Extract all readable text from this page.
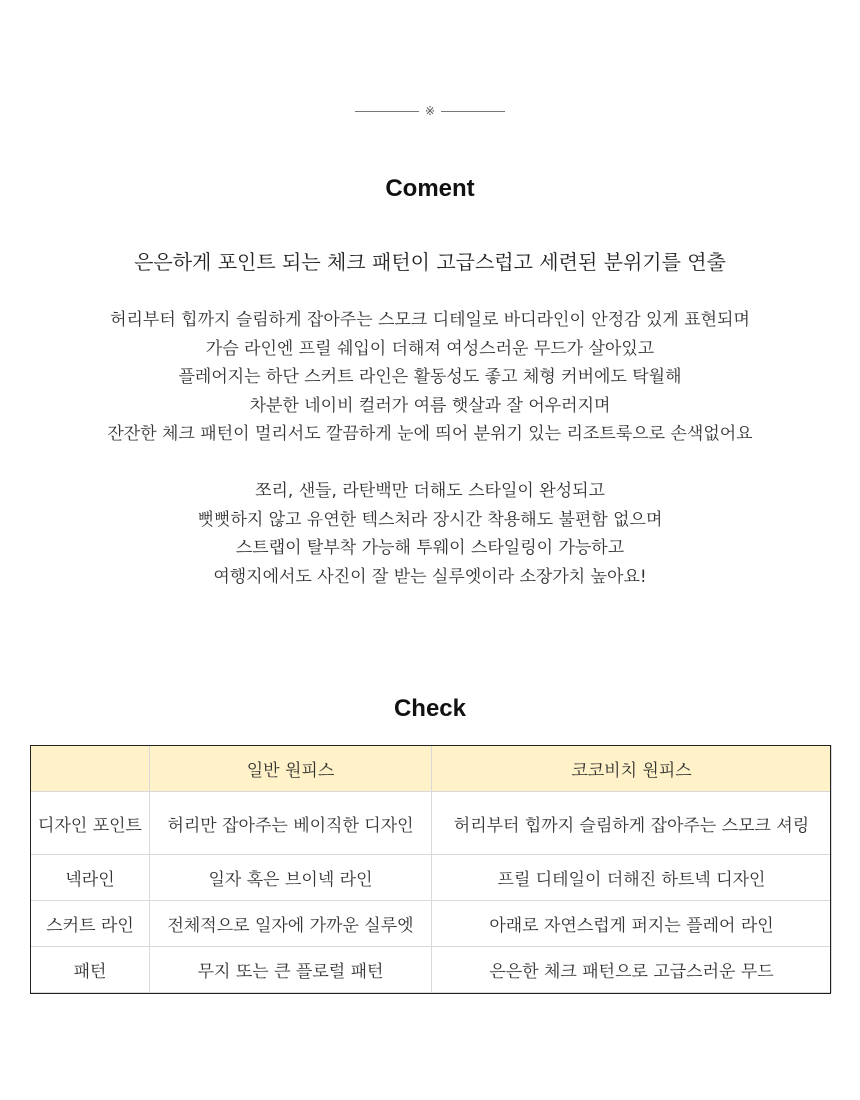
※
Coment

은은하게 포인트 되는 체크 패턴이 고급스럽고 세련된 분위기를 연출

허리부터 힙까지 슬림하게 잡아주는 스모크 디테일로 바디라인이 안정감 있게 표현되며
가슴 라인엔 프릴 쉐입이 더해져 여성스러운 무드가 살아있고
플레어지는 하단 스커트 라인은 활동성도 좋고 체형 커버에도 탁월해
차분한 네이비 컬러가 여름 햇살과 잘 어우러지며
잔잔한 체크 패턴이 멀리서도 깔끔하게 눈에 띄어 분위기 있는 리조트룩으로 손색없어요
쪼리, 샌들, 라탄백만 더해도 스타일이 완성되고
뻣뻣하지 않고 유연한 텍스처라 장시간 착용해도 불편함 없으며
스트랩이 탈부착 가능해 투웨이 스타일링이 가능하고
여행지에서도 사진이 잘 받는 실루엣이라 소장가치 높아요!
Check
	일반 원피스	코코비치 원피스
디자인 포인트	허리만 잡아주는 베이직한 디자인	허리부터 힙까지 슬림하게 잡아주는 스모크 셔링
넥라인	일자 혹은 브이넥 라인	프릴 디테일이 더해진 하트넥 디자인
스커트 라인	전체적으로 일자에 가까운 실루엣	아래로 자연스럽게 퍼지는 플레어 라인
패턴	무지 또는 큰 플로럴 패턴	은은한 체크 패턴으로 고급스러운 무드
